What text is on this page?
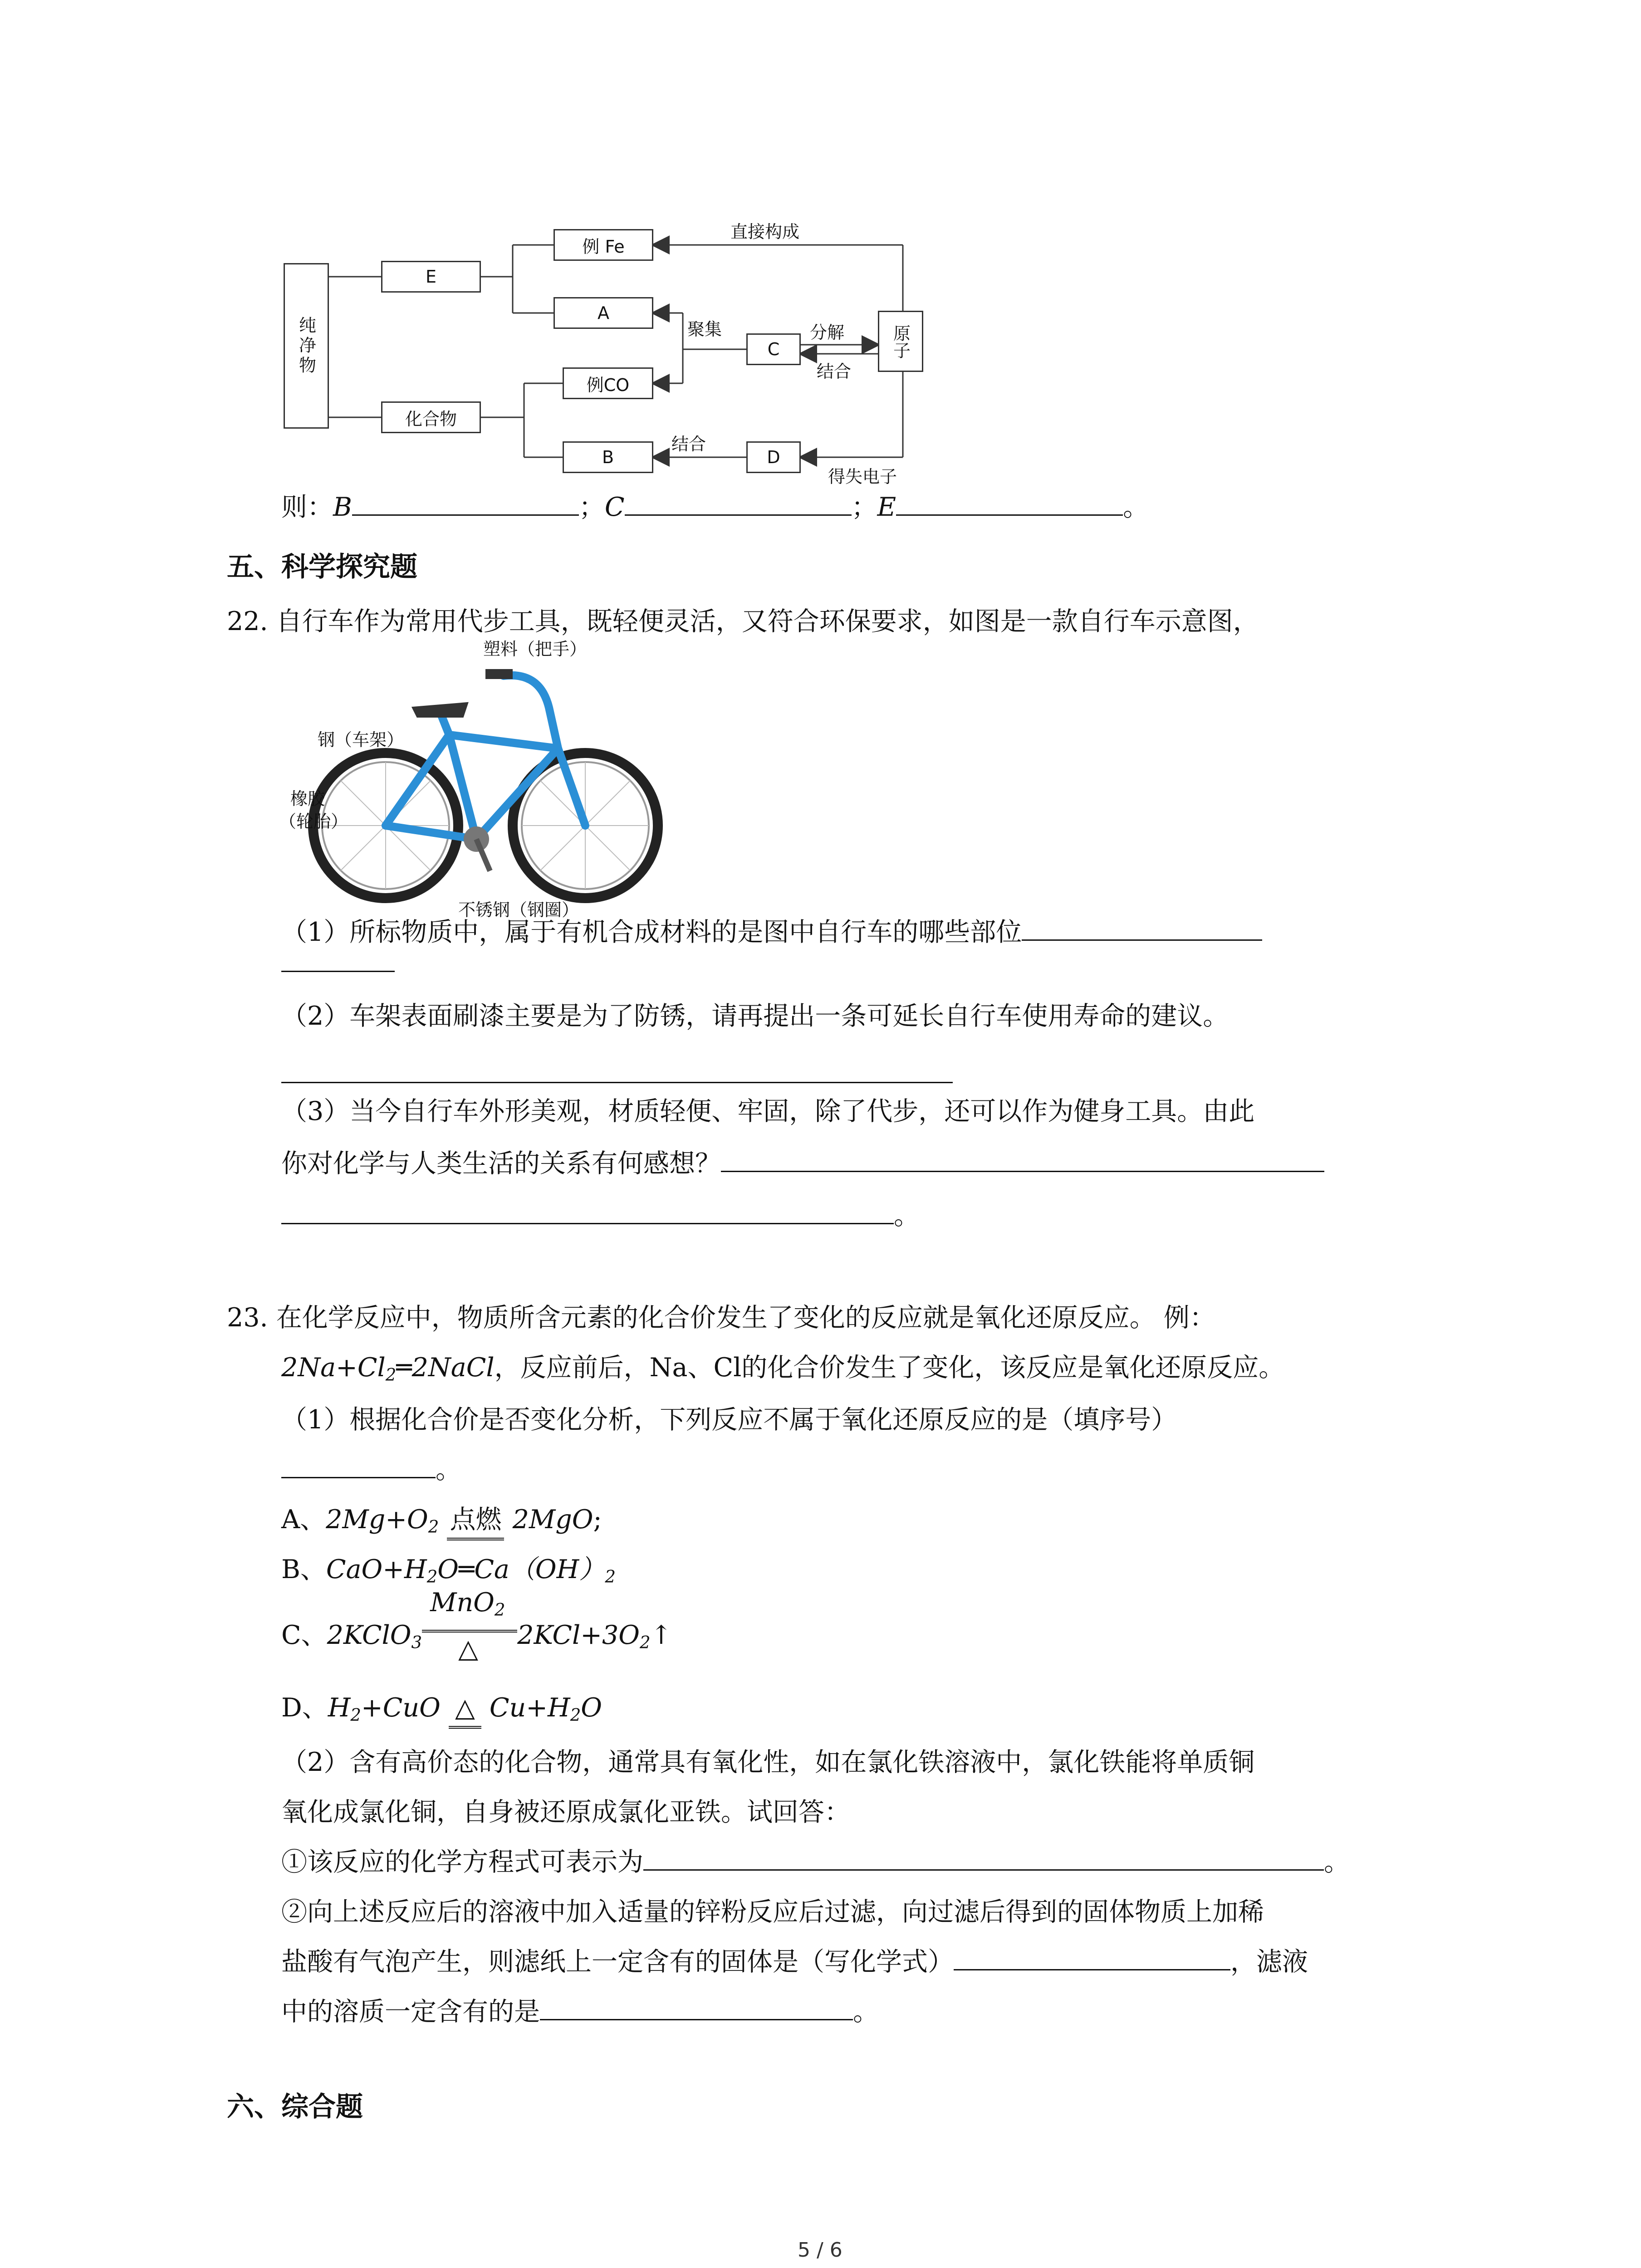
纯净物
E
化合物
例 Fe
A
例CO
B
C
D
原子
直接构成
聚集	分解
结合
结合
得失电子
则：B	；C	；E	。
五、科学探究题
22. 自行车作为常用代步工具，既轻便灵活，又符合环保要求，如图是一款自行车示意图，
塑料（把手）
钢（车架）
橡胶
（轮胎）
不锈钢（钢圈）
（1）所标物质中，属于有机合成材料的是图中自行车的哪些部位
（2）车架表面刷漆主要是为了防锈，请再提出一条可延长自行车使用寿命的建议。
（3）当今自行车外形美观，材质轻便、牢固，除了代步，还可以作为健身工具。由此
你对化学与人类生活的关系有何感想？
。
23. 在化学反应中，物质所含元素的化合价发生了变化的反应就是氧化还原反应。 例：
$2Na+Cl_2═2NaCl$，反应前后，Na、Cl的化合价发生了变化，该反应是氧化还原反应。
（1）根据化合价是否变化分析，下列反应不属于氧化还原反应的是（填序号）
。
A、$2Mg+O_2$ 点燃 2MgO;
B、$CaO+H_2O═Ca(OH)_2$
C、2KClO$_3$
MnO$_2$
△ $2KCl+3O_2↑$
D、$H_2+CuO$ △ $Cu+H_2O$
（2）含有高价态的化合物，通常具有氧化性，如在氯化铁溶液中，氯化铁能将单质铜
氧化成氯化铜，自身被还原成氯化亚铁。试回答：
①该反应的化学方程式可表示为	。
②向上述反应后的溶液中加入适量的锌粉反应后过滤，向过滤后得到的固体物质上加稀
盐酸有气泡产生，则滤纸上一定含有的固体是（写化学式）	，滤液
中的溶质一定含有的是	。
六、综合题
5 / 6
